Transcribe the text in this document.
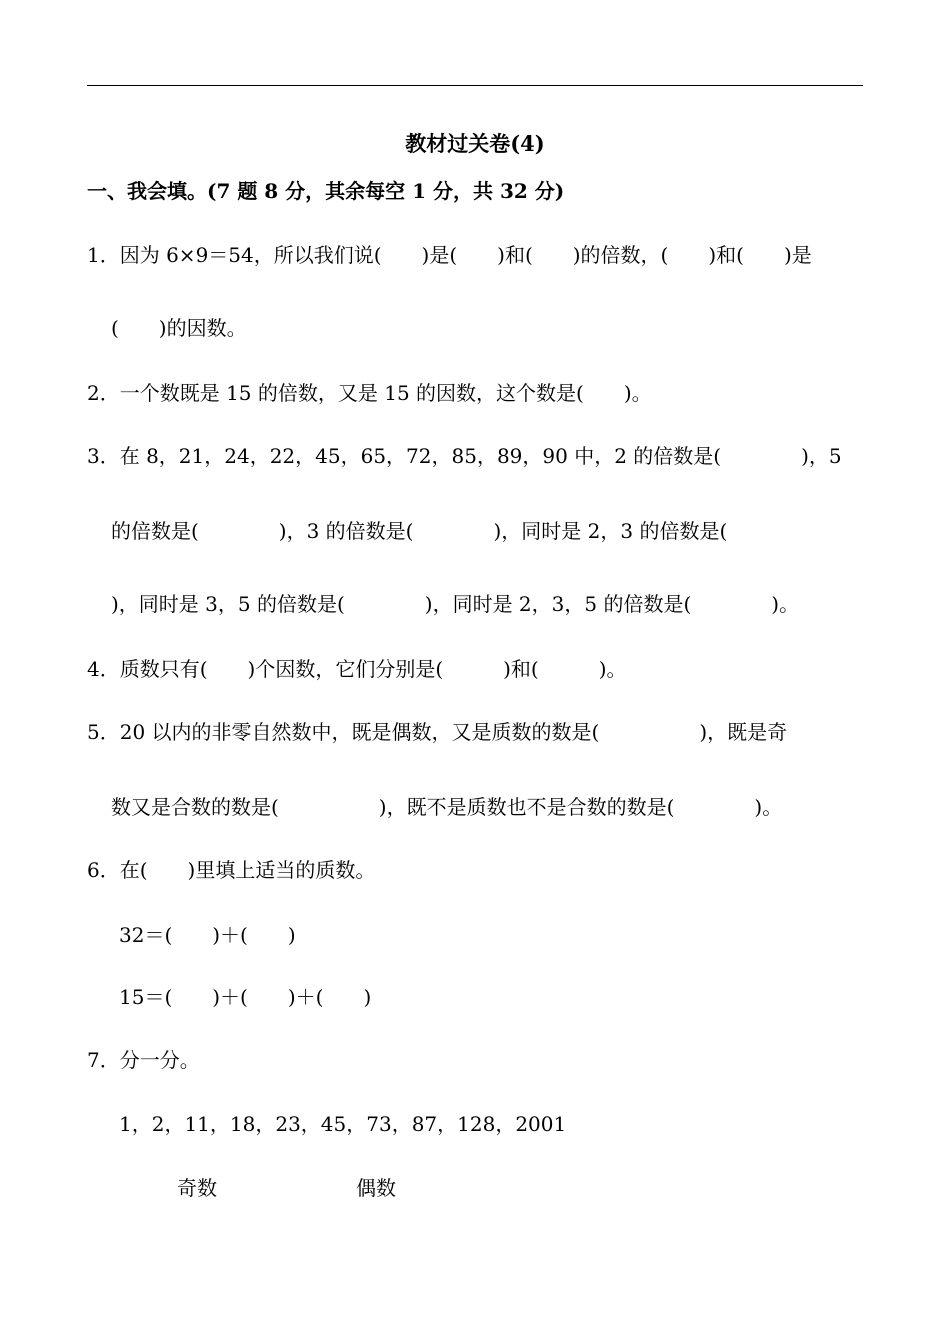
教材过关卷(4)
一、我会填。(7 题 8 分，其余每空 1 分，共 32 分)
1．因为 6×9＝54，所以我们说(　　)是(　　)和(　　)的倍数，(　　)和(　　)是
(　　)的因数。
2．一个数既是 15 的倍数，又是 15 的因数，这个数是(　　)。
3．在 8，21，24，22，45，65，72，85，89，90 中，2 的倍数是(　　　　)，5
的倍数是(　　　　)，3 的倍数是(　　　　)，同时是 2，3 的倍数是(
)，同时是 3，5 的倍数是(　　　　)，同时是 2，3，5 的倍数是(　　　　)。
4．质数只有(　　)个因数，它们分别是(　　　)和(　　　)。
5．20 以内的非零自然数中，既是偶数，又是质数的数是(　　　　　)，既是奇
数又是合数的数是(　　　　　)，既不是质数也不是合数的数是(　　　　)。
6．在(　　)里填上适当的质数。
32＝(　　)＋(　　)
15＝(　　)＋(　　)＋(　　)
7．分一分。
1，2，11，18，23，45，73，87，128，2001
奇数	偶数
